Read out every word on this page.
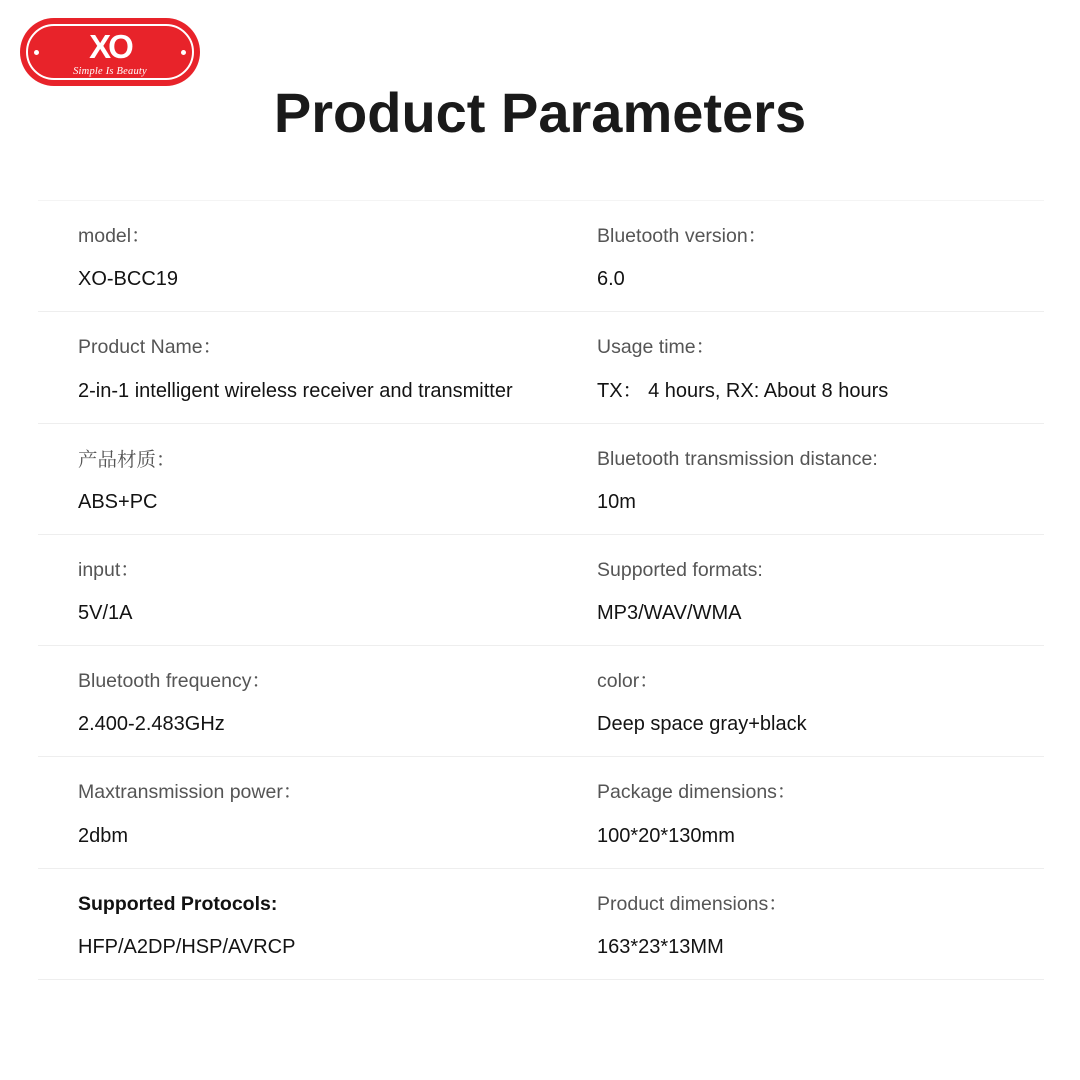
XO
Simple Is Beauty
Product Parameters
model：
XO-BCC19
Bluetooth version：
6.0
Product Name：
2-in-1 intelligent wireless receiver and transmitter
Usage time：
TX： 4 hours, RX: About 8 hours
产品材质：
ABS+PC
Bluetooth transmission distance:
10m
input：
5V/1A
Supported formats:
MP3/WAV/WMA
Bluetooth frequency：
2.400-2.483GHz
color：
Deep space gray+black
Maxtransmission power：
2dbm
Package dimensions：
100*20*130mm
Supported Protocols:
HFP/A2DP/HSP/AVRCP
Product dimensions：
163*23*13MM
